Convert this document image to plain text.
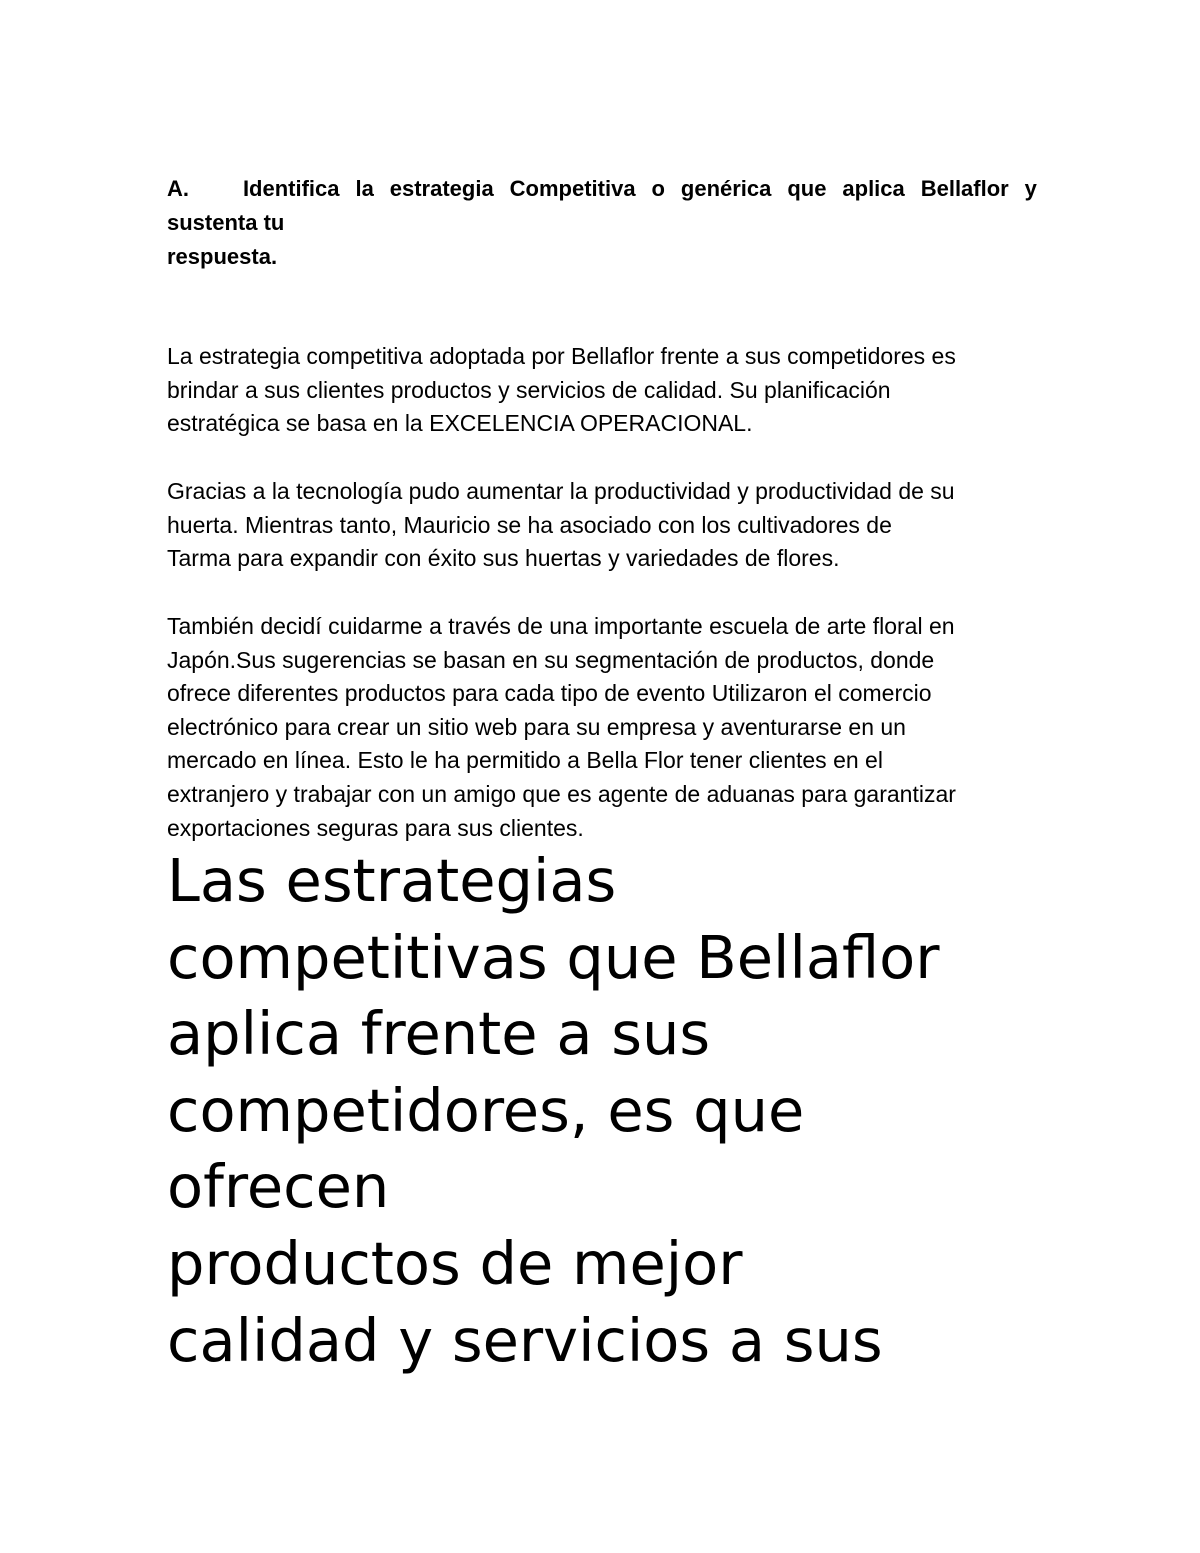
A.	Identifica la estrategia Competitiva o genérica que aplica Bellaflor y
sustenta tu
respuesta.

La estrategia competitiva adoptada por Bellaflor frente a sus competidores es
brindar a sus clientes productos y servicios de calidad. Su planificación
estratégica se basa en la EXCELENCIA OPERACIONAL.

Gracias a la tecnología pudo aumentar la productividad y productividad de su
huerta. Mientras tanto, Mauricio se ha asociado con los cultivadores de
Tarma para expandir con éxito sus huertas y variedades de flores.

También decidí cuidarme a través de una importante escuela de arte floral en
Japón.Sus sugerencias se basan en su segmentación de productos, donde
ofrece diferentes productos para cada tipo de evento Utilizaron el comercio
electrónico para crear un sitio web para su empresa y aventurarse en un
mercado en línea. Esto le ha permitido a Bella Flor tener clientes en el
extranjero y trabajar con un amigo que es agente de aduanas para garantizar
exportaciones seguras para sus clientes.

Las estrategias
competitivas que Bellaflor
aplica frente a sus
competidores, es que
ofrecen
productos de mejor
calidad y servicios a sus
